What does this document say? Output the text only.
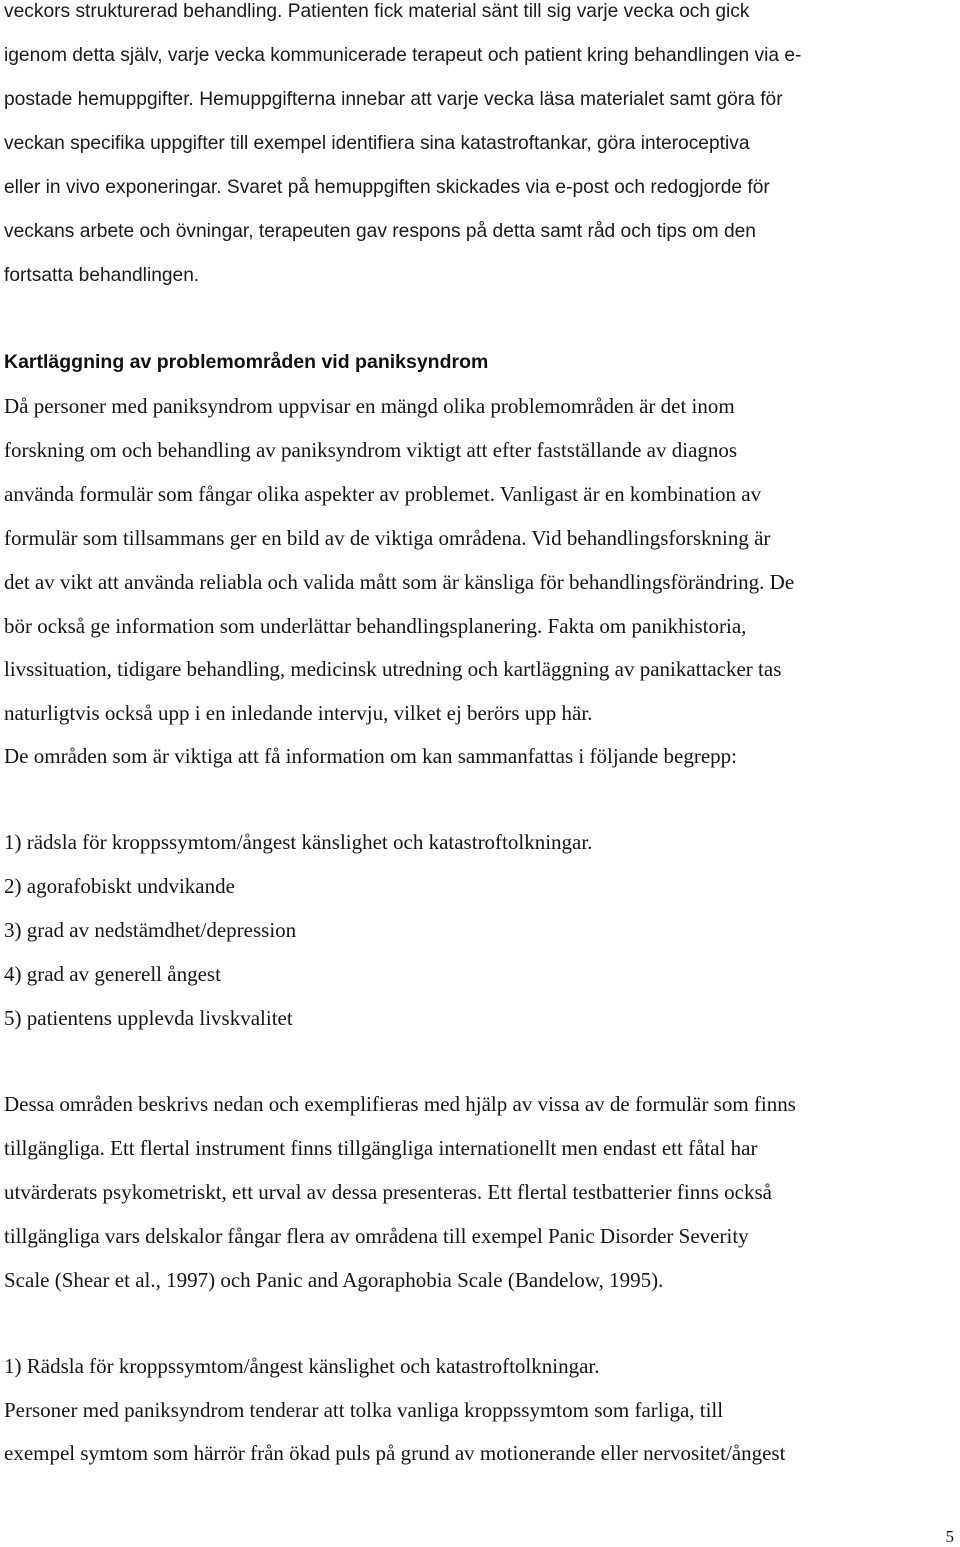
veckors strukturerad behandling. Patienten fick material sänt till sig varje vecka och gick
igenom detta själv, varje vecka kommunicerade terapeut och patient kring behandlingen via e-
postade hemuppgifter. Hemuppgifterna innebar att varje vecka läsa materialet samt göra för
veckan specifika uppgifter till exempel identifiera sina katastroftankar, göra interoceptiva
eller in vivo exponeringar. Svaret på hemuppgiften skickades via e-post och redogjorde för
veckans arbete och övningar, terapeuten gav respons på detta samt råd och tips om den
fortsatta behandlingen.
Kartläggning av problemområden vid paniksyndrom
Då personer med paniksyndrom uppvisar en mängd olika problemområden är det inom
forskning om och behandling av paniksyndrom viktigt att efter fastställande av diagnos
använda formulär som fångar olika aspekter av problemet. Vanligast är en kombination av
formulär som tillsammans ger en bild av de viktiga områdena. Vid behandlingsforskning är
det av vikt att använda reliabla och valida mått som är känsliga för behandlingsförändring. De
bör också ge information som underlättar behandlingsplanering. Fakta om panikhistoria,
livssituation, tidigare behandling, medicinsk utredning och kartläggning av panikattacker tas
naturligtvis också upp i en inledande intervju, vilket ej berörs upp här.
De områden som är viktiga att få information om kan sammanfattas i följande begrepp:
1) rädsla för kroppssymtom/ångest känslighet och katastroftolkningar.
2) agorafobiskt undvikande
3) grad av nedstämdhet/depression
4) grad av generell ångest
5) patientens upplevda livskvalitet
Dessa områden beskrivs nedan och exemplifieras med hjälp av vissa av de formulär som finns
tillgängliga. Ett flertal instrument finns tillgängliga internationellt men endast ett fåtal har
utvärderats psykometriskt, ett urval av dessa presenteras. Ett flertal testbatterier finns också
tillgängliga vars delskalor fångar flera av områdena till exempel Panic Disorder Severity
Scale (Shear et al., 1997) och Panic and Agoraphobia Scale (Bandelow, 1995).
1) Rädsla för kroppssymtom/ångest känslighet och katastroftolkningar.
Personer med paniksyndrom tenderar att tolka vanliga kroppssymtom som farliga, till
exempel symtom som härrör från ökad puls på grund av motionerande eller nervositet/ångest
5
